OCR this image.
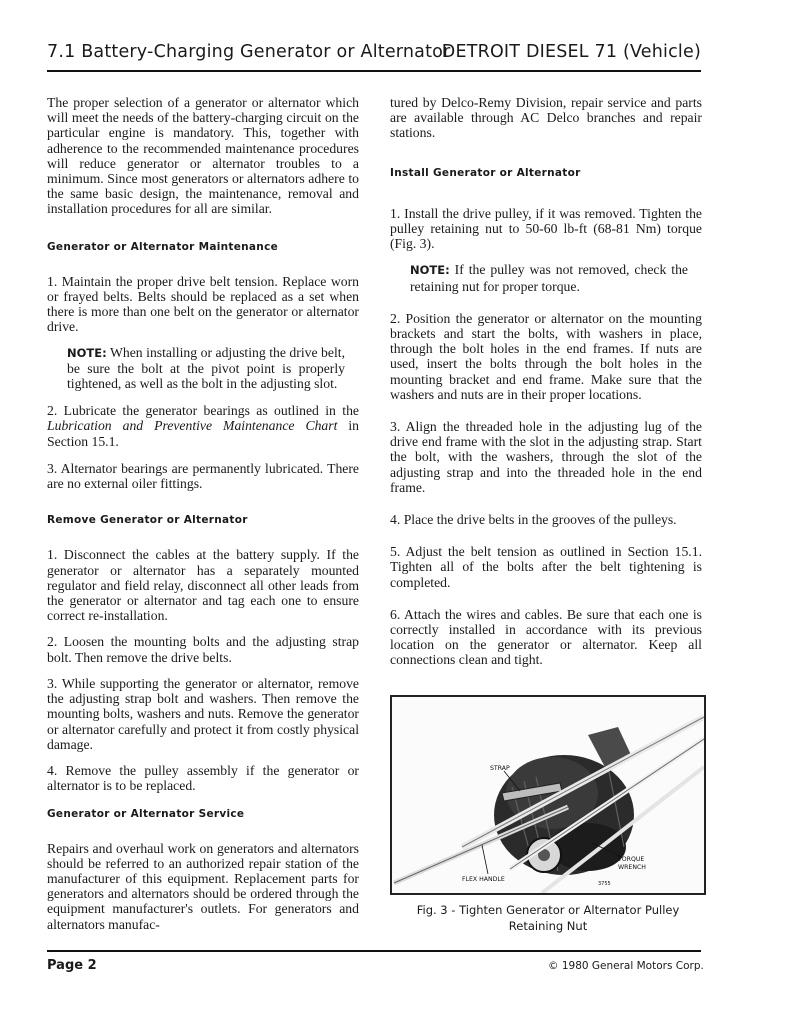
7.1 Battery-Charging Generator or Alternator
DETROIT DIESEL 71 (Vehicle)

The proper selection of a generator or alternator which will meet the needs of the battery-charging circuit on the particular engine is mandatory. This, together with adherence to the recommended maintenance procedures will reduce generator or alternator troubles to a minimum. Since most generators or alternators adhere to the same basic design, the maintenance, removal and installation procedures for all are similar.

Generator or Alternator Maintenance

1. Maintain the proper drive belt tension. Replace worn or frayed belts. Belts should be replaced as a set when there is more than one belt on the generator or alternator drive.

NOTE: When installing or adjusting the drive belt, be sure the bolt at the pivot point is properly tightened, as well as the bolt in the adjusting slot.

2. Lubricate the generator bearings as outlined in the Lubrication and Preventive Maintenance Chart in Section 15.1.

3. Alternator bearings are permanently lubricated. There are no external oiler fittings.

Remove Generator or Alternator

1. Disconnect the cables at the battery supply. If the generator or alternator has a separately mounted regulator and field relay, disconnect all other leads from the generator or alternator and tag each one to ensure correct re-installation.

2. Loosen the mounting bolts and the adjusting strap bolt. Then remove the drive belts.

3. While supporting the generator or alternator, remove the adjusting strap bolt and washers. Then remove the mounting bolts, washers and nuts. Remove the generator or alternator carefully and protect it from costly physical damage.

4. Remove the pulley assembly if the generator or alternator is to be replaced.

Generator or Alternator Service

Repairs and overhaul work on generators and alternators should be referred to an authorized repair station of the manufacturer of this equipment. Replacement parts for generators and alternators should be ordered through the equipment manufacturer's outlets. For generators and alternators manufac-

tured by Delco-Remy Division, repair service and parts are available through AC Delco branches and repair stations.

Install Generator or Alternator

1. Install the drive pulley, if it was removed. Tighten the pulley retaining nut to 50-60 lb-ft (68-81 Nm) torque (Fig. 3).

NOTE: If the pulley was not removed, check the retaining nut for proper torque.

2. Position the generator or alternator on the mounting brackets and start the bolts, with washers in place, through the bolt holes in the end frames. If nuts are used, insert the bolts through the bolt holes in the mounting bracket and end frame. Make sure that the washers and nuts are in their proper locations.

3. Align the threaded hole in the adjusting lug of the drive end frame with the slot in the adjusting strap. Start the bolt, with the washers, through the slot of the adjusting strap and into the threaded hole in the end frame.

4. Place the drive belts in the grooves of the pulleys.

5. Adjust the belt tension as outlined in Section 15.1. Tighten all of the bolts after the belt tightening is completed.

6. Attach the wires and cables. Be sure that each one is correctly installed in accordance with its previous location on the generator or alternator. Keep all connections clean and tight.

STRAP
TORQUE
WRENCH
FLEX HANDLE
3755
Fig. 3 - Tighten Generator or Alternator Pulley
Retaining Nut
Page 2	© 1980 General Motors Corp.
